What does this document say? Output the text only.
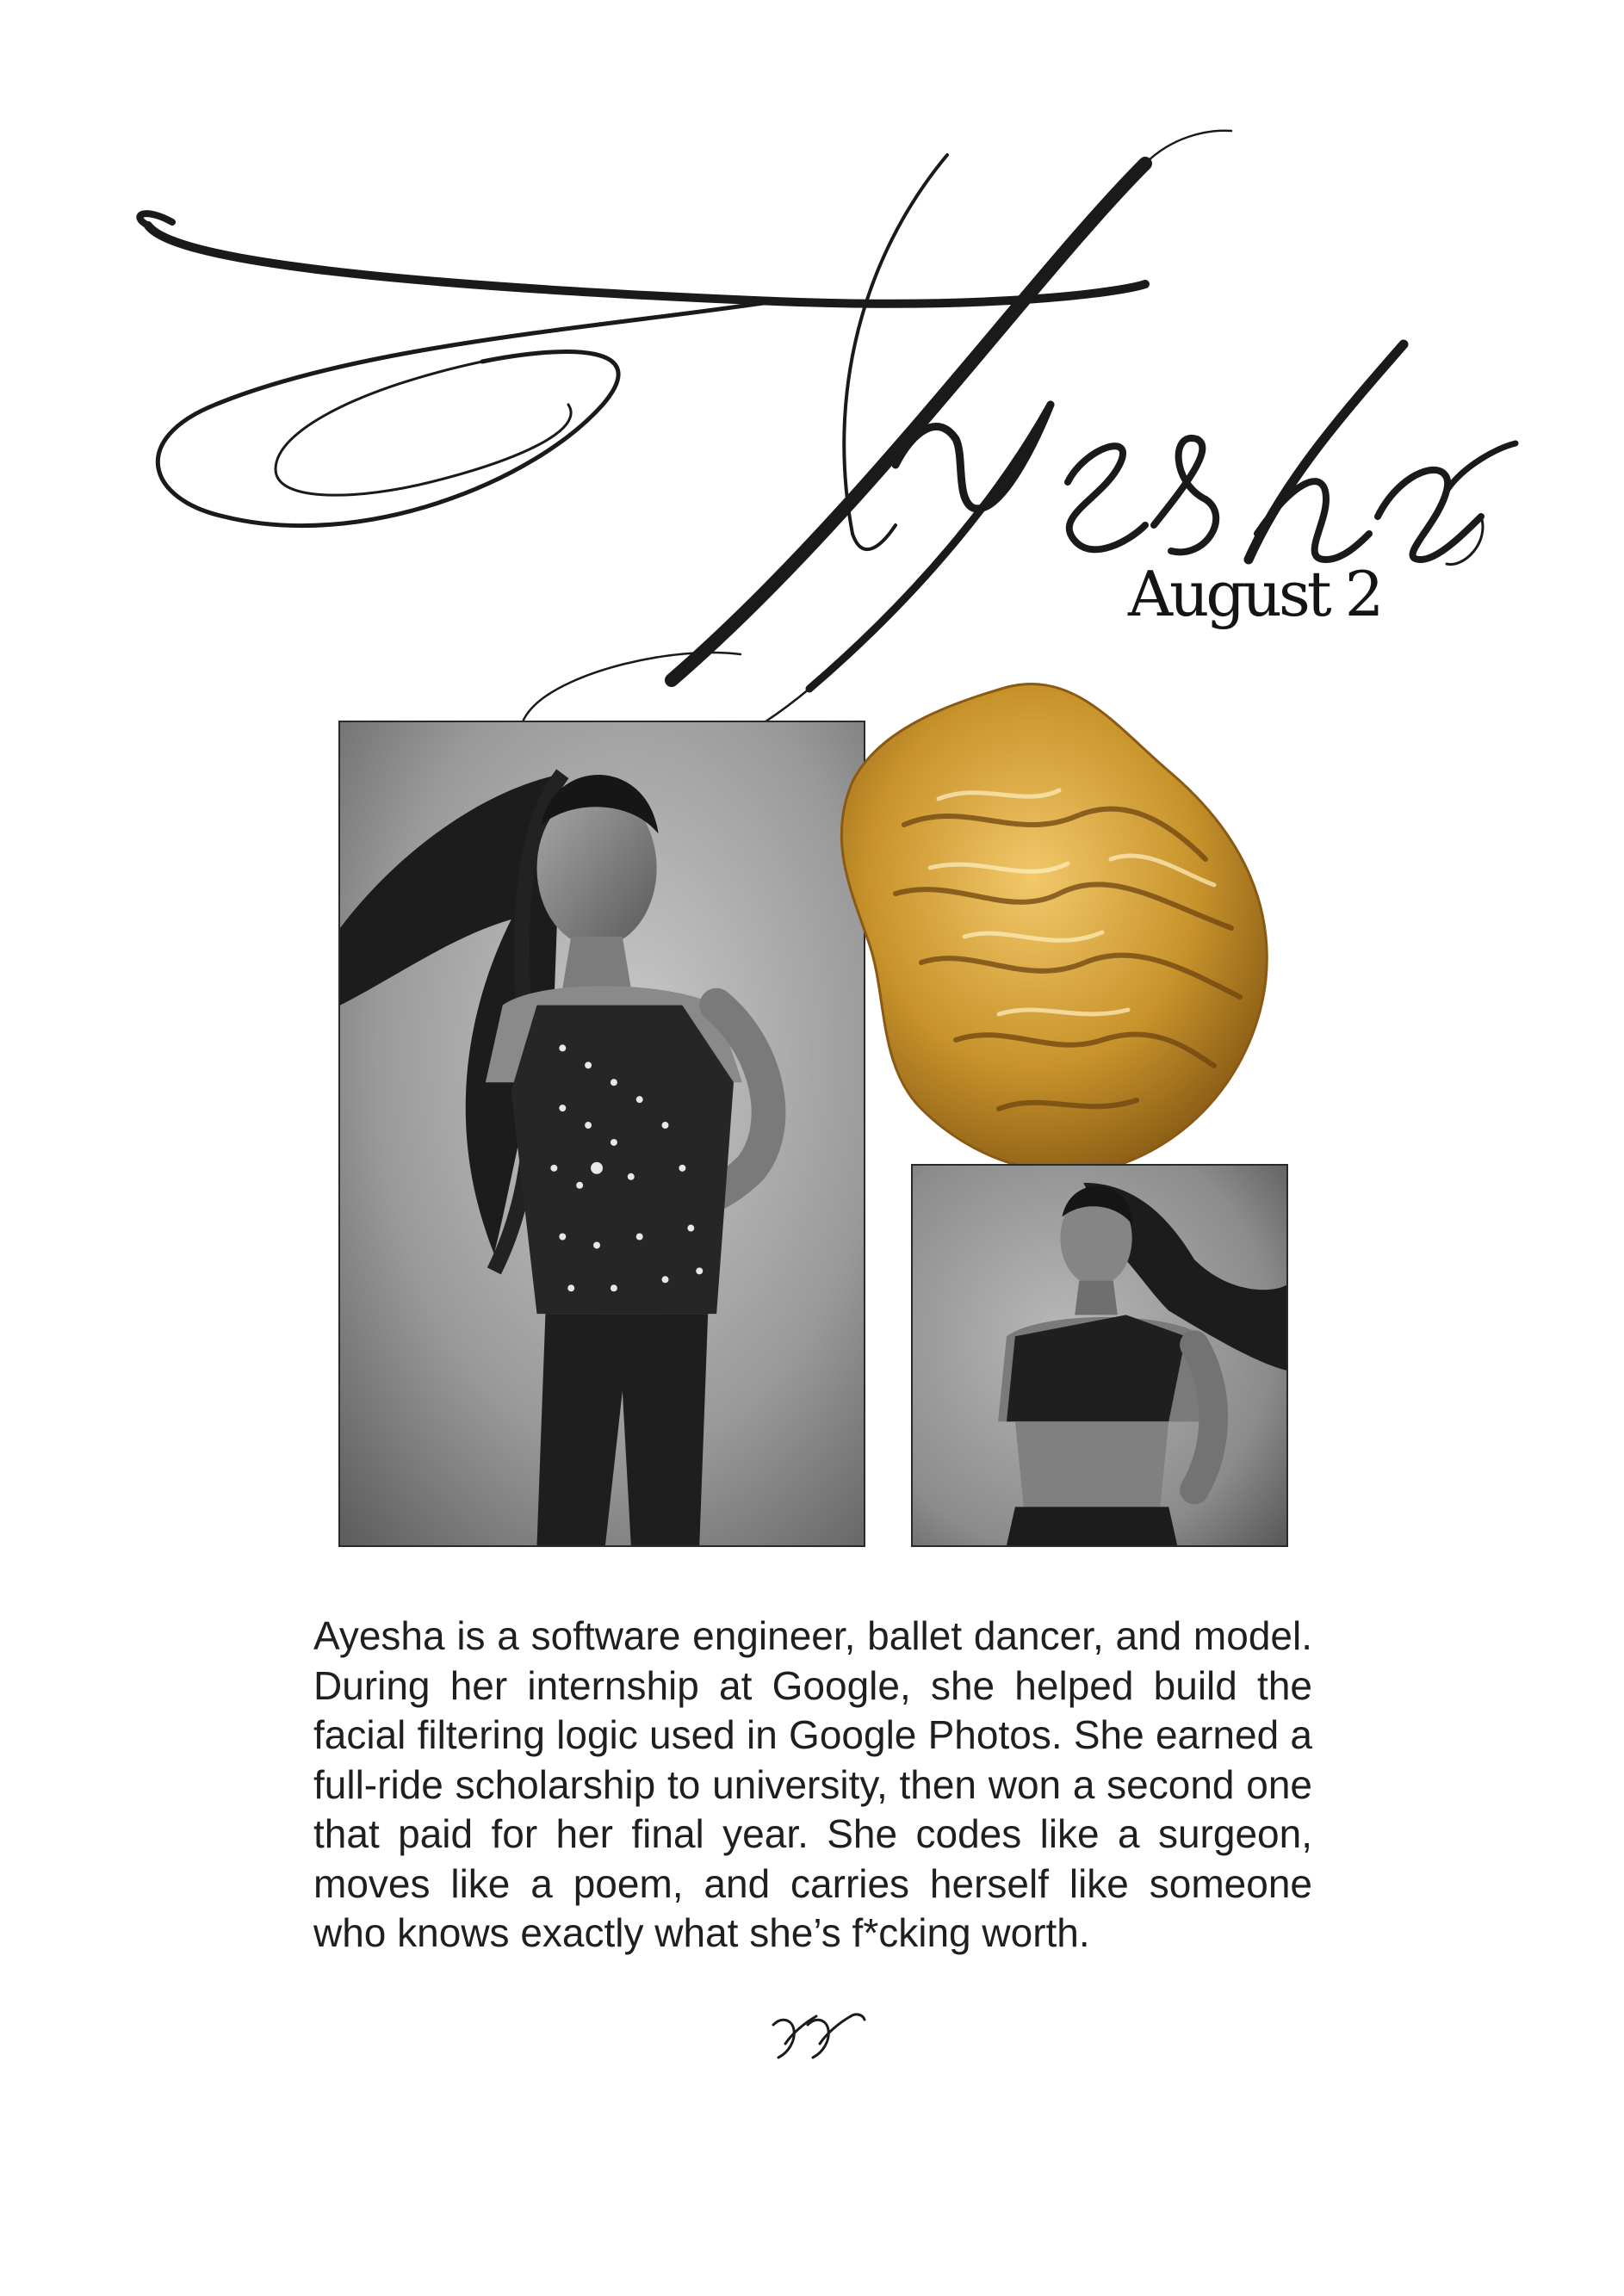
August 2

Ayesha is a software engineer, ballet dancer, and model. During her internship at Google, she helped build the facial filtering logic used in Google Photos. She earned a full-ride scholarship to university, then won a second one that paid for her final year. She codes like a surgeon, moves like a poem, and carries herself like someone who knows exactly what she’s f*cking worth.
